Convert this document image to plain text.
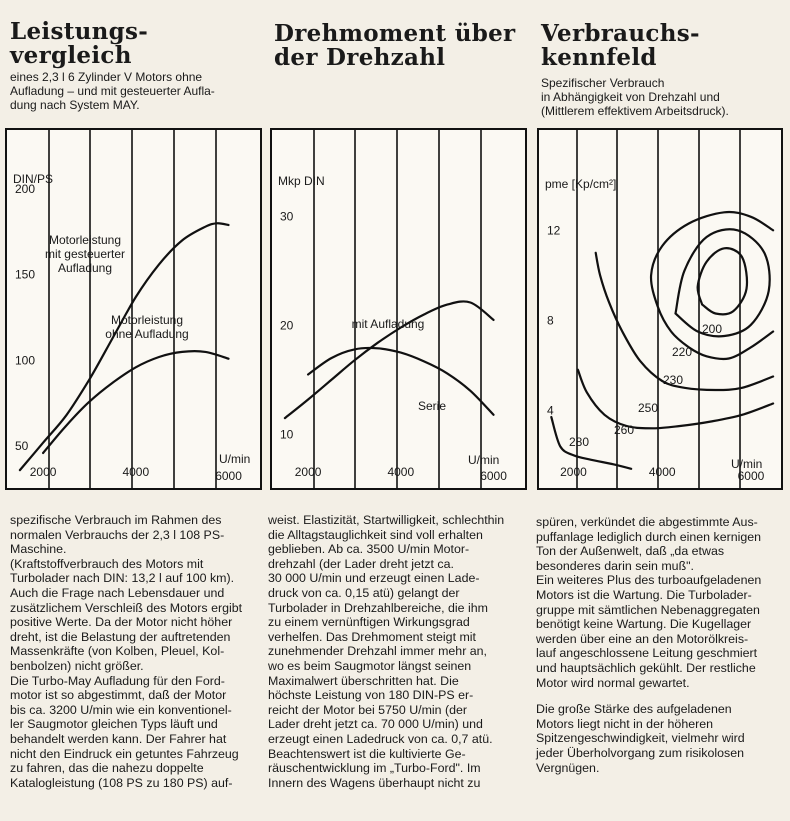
Leistungs-
vergleich
eines 2,3 l 6 Zylinder V Motors ohne
Aufladung – und mit gesteuerter Aufla-
dung nach System MAY.
Drehmoment über
der Drehzahl
Verbrauchs-
kennfeld
Spezifischer Verbrauch
in Abhängigkeit von Drehzahl und
(Mittlerem effektivem Arbeitsdruck).
50
100
150
200
2000	4000	6000
DIN/PS
U/min
Motorleistung mit gesteuerter Aufladung
Motorleistung ohne Aufladung
10
20
30
2000	4000	6000
Mkp DIN
U/min
mit Aufladung
Serie	4
8
12
2000	4000	6000
pme [Kp/cm²]
U/min
200
220
230
250
260
280

spezifische Verbrauch im Rahmen des

normalen Verbrauchs der 2,3 l 108 PS-

Maschine.

(Kraftstoffverbrauch des Motors mit

Turbolader nach DIN: 13,2 l auf 100 km).

Auch die Frage nach Lebensdauer und

zusätzlichem Verschleiß des Motors ergibt

positive Werte. Da der Motor nicht höher

dreht, ist die Belastung der auftretenden

Massenkräfte (von Kolben, Pleuel, Kol-

benbolzen) nicht größer.

Die Turbo-May Aufladung für den Ford-

motor ist so abgestimmt, daß der Motor

bis ca. 3200 U/min wie ein konventionel-

ler Saugmotor gleichen Typs läuft und

behandelt werden kann. Der Fahrer hat

nicht den Eindruck ein getuntes Fahrzeug

zu fahren, das die nahezu doppelte

Katalogleistung (108 PS zu 180 PS) auf-

weist. Elastizität, Startwilligkeit, schlechthin

die Alltagstauglichkeit sind voll erhalten

geblieben. Ab ca. 3500 U/min Motor-

drehzahl (der Lader dreht jetzt ca.

30 000 U/min und erzeugt einen Lade-

druck von ca. 0,15 atü) gelangt der

Turbolader in Drehzahlbereiche, die ihm

zu einem vernünftigen Wirkungsgrad

verhelfen. Das Drehmoment steigt mit

zunehmender Drehzahl immer mehr an,

wo es beim Saugmotor längst seinen

Maximalwert überschritten hat. Die

höchste Leistung von 180 DIN-PS er-

reicht der Motor bei 5750 U/min (der

Lader dreht jetzt ca. 70 000 U/min) und

erzeugt einen Ladedruck von ca. 0,7 atü.

Beachtenswert ist die kultivierte Ge-

räuschentwicklung im „Turbo-Ford". Im

Innern des Wagens überhaupt nicht zu

spüren, verkündet die abgestimmte Aus-

puffanlage lediglich durch einen kernigen

Ton der Außenwelt, daß „da etwas

besonderes darin sein muß".

Ein weiteres Plus des turboaufgeladenen

Motors ist die Wartung. Die Turbolader-

gruppe mit sämtlichen Nebenaggregaten

benötigt keine Wartung. Die Kugellager

werden über eine an den Motorölkreis-

lauf angeschlossene Leitung geschmiert

und hauptsächlich gekühlt. Der restliche

Motor wird normal gewartet.

Die große Stärke des aufgeladenen

Motors liegt nicht in der höheren

Spitzengeschwindigkeit, vielmehr wird

jeder Überholvorgang zum risikolosen

Vergnügen.
